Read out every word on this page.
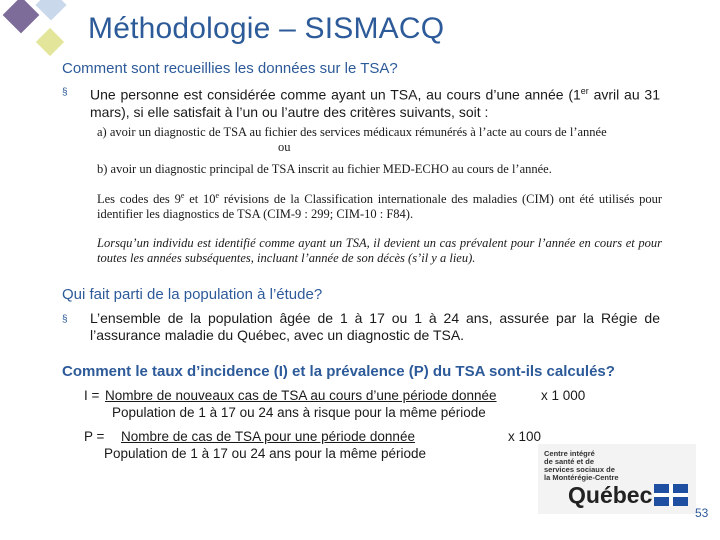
Méthodologie – SISMACQ
Comment sont recueillies les données sur le TSA?
§ Une personne est considérée comme ayant un TSA, au cours d’une année (1er avril au 31 mars), si elle satisfait à l’un ou l’autre des critères suivants, soit :
a) avoir un diagnostic de TSA au fichier des services médicaux rémunérés à l’acte au cours de l’année
ou
b) avoir un diagnostic principal de TSA inscrit au fichier MED-ECHO au cours de l’année.
Les codes des 9e et 10e révisions de la Classification internationale des maladies (CIM) ont été utilisés pour identifier les diagnostics de TSA (CIM-9 : 299; CIM-10 : F84).
Lorsqu’un individu est identifié comme ayant un TSA, il devient un cas prévalent pour l’année en cours et pour toutes les années subséquentes, incluant l’année de son décès (s’il y a lieu).
Qui fait parti de la population à l’étude?
§ L’ensemble de la population âgée de 1 à 17 ou 1 à 24 ans, assurée par la Régie de l’assurance maladie du Québec, avec un diagnostic de TSA.
Comment le taux d’incidence (I) et la prévalence (P) du TSA sont-ils calculés?
I = Nombre de nouveaux cas de TSA au cours d’une période donnée	x 1 000
Population de 1 à 17 ou 24 ans à risque pour la même période
P = Nombre de cas de TSA pour une période donnée	x 100
Population de 1 à 17 ou 24 ans pour la même période	Centre intégré
de santé et de
services sociaux de
la Montérégie-Centre
Québec
53
